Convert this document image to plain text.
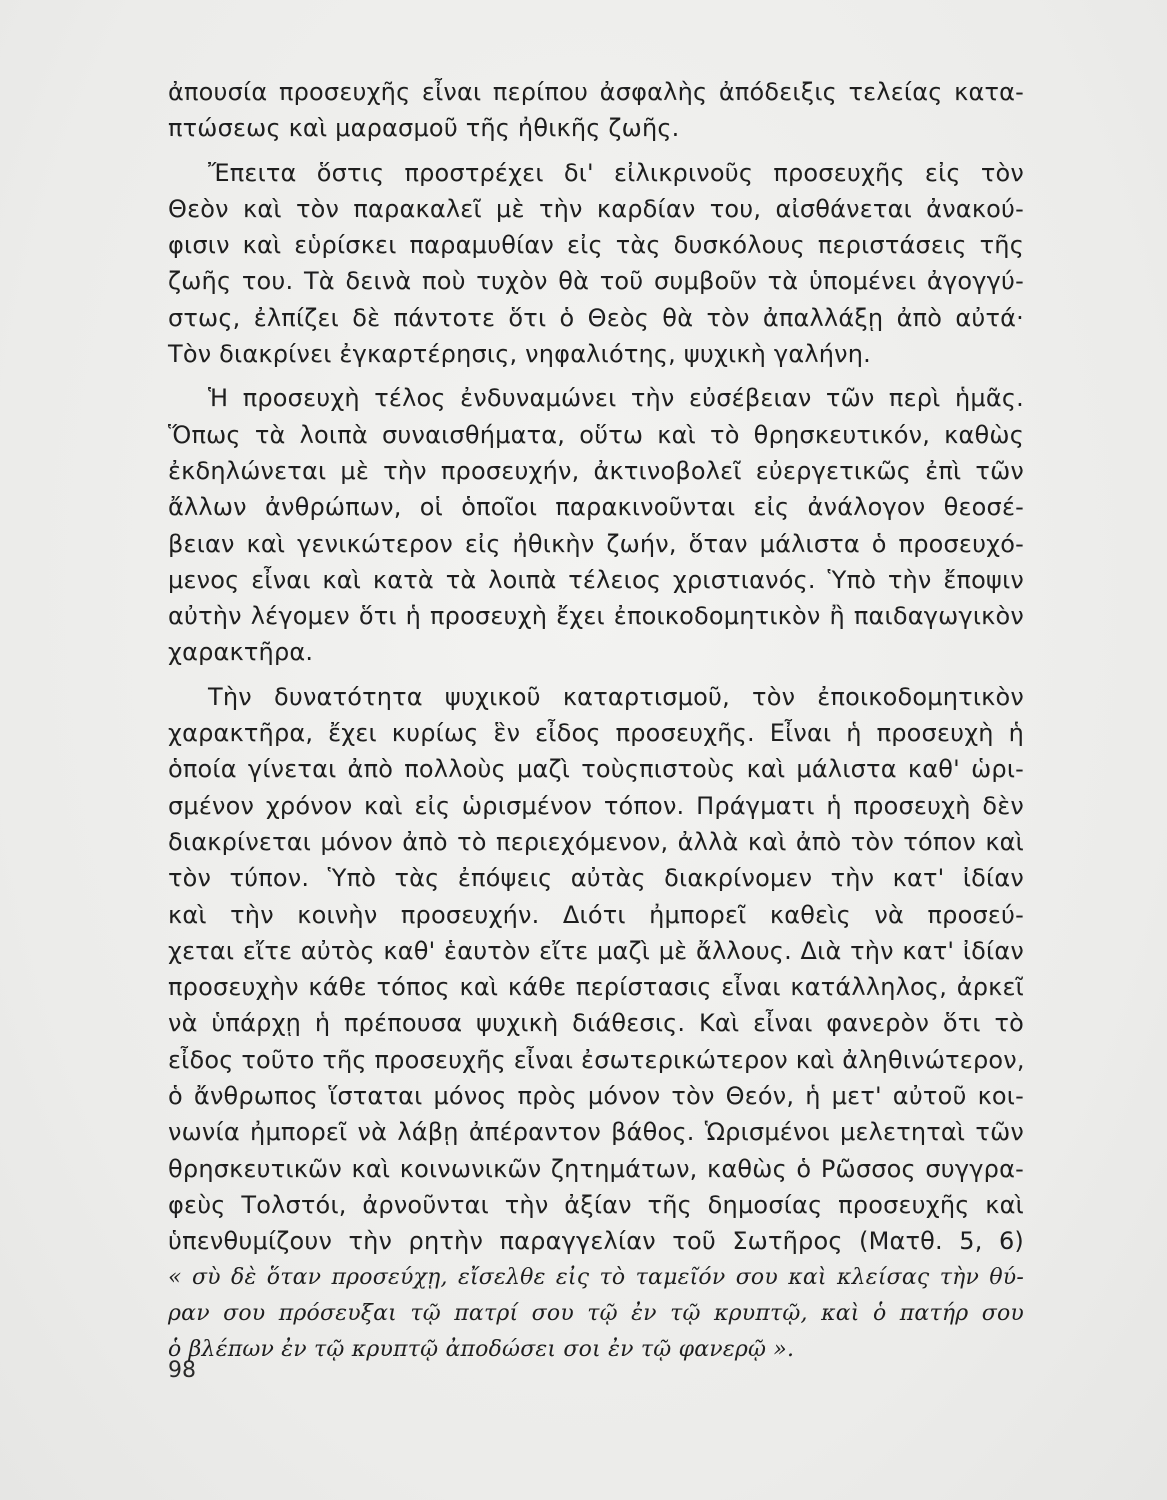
ἀπουσία προσευχῆς εἶναι περίπου ἀσφαλὴς ἀπόδειξις τελείας κατα-
πτώσεως καὶ μαρασμοῦ τῆς ἠθικῆς ζωῆς.
Ἔπειτα ὅστις προστρέχει δι' εἰλικρινοῦς προσευχῆς εἰς τὸν
Θεὸν καὶ τὸν παρακαλεῖ μὲ τὴν καρδίαν του, αἰσθάνεται ἀνακού-
φισιν καὶ εὑρίσκει παραμυθίαν εἰς τὰς δυσκόλους περιστάσεις τῆς
ζωῆς του. Τὰ δεινὰ ποὺ τυχὸν θὰ τοῦ συμβοῦν τὰ ὑπομένει ἀγογγύ-
στως, ἐλπίζει δὲ πάντοτε ὅτι ὁ Θεὸς θὰ τὸν ἀπαλλάξῃ ἀπὸ αὐτά·
Τὸν διακρίνει ἐγκαρτέρησις, νηφαλιότης, ψυχικὴ γαλήνη.
Ἡ προσευχὴ τέλος ἐνδυναμώνει τὴν εὐσέβειαν τῶν περὶ ἡμᾶς.
Ὅπως τὰ λοιπὰ συναισθήματα, οὕτω καὶ τὸ θρησκευτικόν, καθὼς
ἐκδηλώνεται μὲ τὴν προσευχήν, ἀκτινοβολεῖ εὐεργετικῶς ἐπὶ τῶν
ἄλλων ἀνθρώπων, οἱ ὁποῖοι παρακινοῦνται εἰς ἀνάλογον θεοσέ-
βειαν καὶ γενικώτερον εἰς ἠθικὴν ζωήν, ὅταν μάλιστα ὁ προσευχό-
μενος εἶναι καὶ κατὰ τὰ λοιπὰ τέλειος χριστιανός. Ὑπὸ τὴν ἔποψιν
αὐτὴν λέγομεν ὅτι ἡ προσευχὴ ἔχει ἐποικοδομητικὸν ἢ παιδαγωγικὸν
χαρακτῆρα.
Τὴν δυνατότητα ψυχικοῦ καταρτισμοῦ, τὸν ἐποικοδομητικὸν
χαρακτῆρα, ἔχει κυρίως ἓν εἶδος προσευχῆς. Εἶναι ἡ προσευχὴ ἡ
ὁποία γίνεται ἀπὸ πολλοὺς μαζὶ τοὺςπιστοὺς καὶ μάλιστα καθ' ὡρι-
σμένον χρόνον καὶ εἰς ὡρισμένον τόπον. Πράγματι ἡ προσευχὴ δὲν
διακρίνεται μόνον ἀπὸ τὸ περιεχόμενον, ἀλλὰ καὶ ἀπὸ τὸν τόπον καὶ
τὸν τύπον. Ὑπὸ τὰς ἐπόψεις αὐτὰς διακρίνομεν τὴν κατ' ἰδίαν
καὶ τὴν κοινὴν προσευχήν. Διότι ἠμπορεῖ καθεὶς νὰ προσεύ-
χεται εἴτε αὐτὸς καθ' ἑαυτὸν εἴτε μαζὶ μὲ ἄλλους. Διὰ τὴν κατ' ἰδίαν
προσευχὴν κάθε τόπος καὶ κάθε περίστασις εἶναι κατάλληλος, ἀρκεῖ
νὰ ὑπάρχῃ ἡ πρέπουσα ψυχικὴ διάθεσις. Καὶ εἶναι φανερὸν ὅτι τὸ
εἶδος τοῦτο τῆς προσευχῆς εἶναι ἐσωτερικώτερον καὶ ἀληθινώτερον,
ὁ ἄνθρωπος ἵσταται μόνος πρὸς μόνον τὸν Θεόν, ἡ μετ' αὐτοῦ κοι-
νωνία ἠμπορεῖ νὰ λάβῃ ἀπέραντον βάθος. Ὡρισμένοι μελετηταὶ τῶν
θρησκευτικῶν καὶ κοινωνικῶν ζητημάτων, καθὼς ὁ Ρῶσσος συγγρα-
φεὺς Τολστόι, ἀρνοῦνται τὴν ἀξίαν τῆς δημοσίας προσευχῆς καὶ
ὑπενθυμίζουν τὴν ρητὴν παραγγελίαν τοῦ Σωτῆρος (Ματθ. 5, 6)
« σὺ δὲ ὅταν προσεύχῃ, εἴσελθε εἰς τὸ ταμεῖόν σου καὶ κλείσας τὴν θύ-
ραν σου πρόσευξαι τῷ πατρί σου τῷ ἐν τῷ κρυπτῷ, καὶ ὁ πατήρ σου
ὁ βλέπων ἐν τῷ κρυπτῷ ἀποδώσει σοι ἐν τῷ φανερῷ ».
98
